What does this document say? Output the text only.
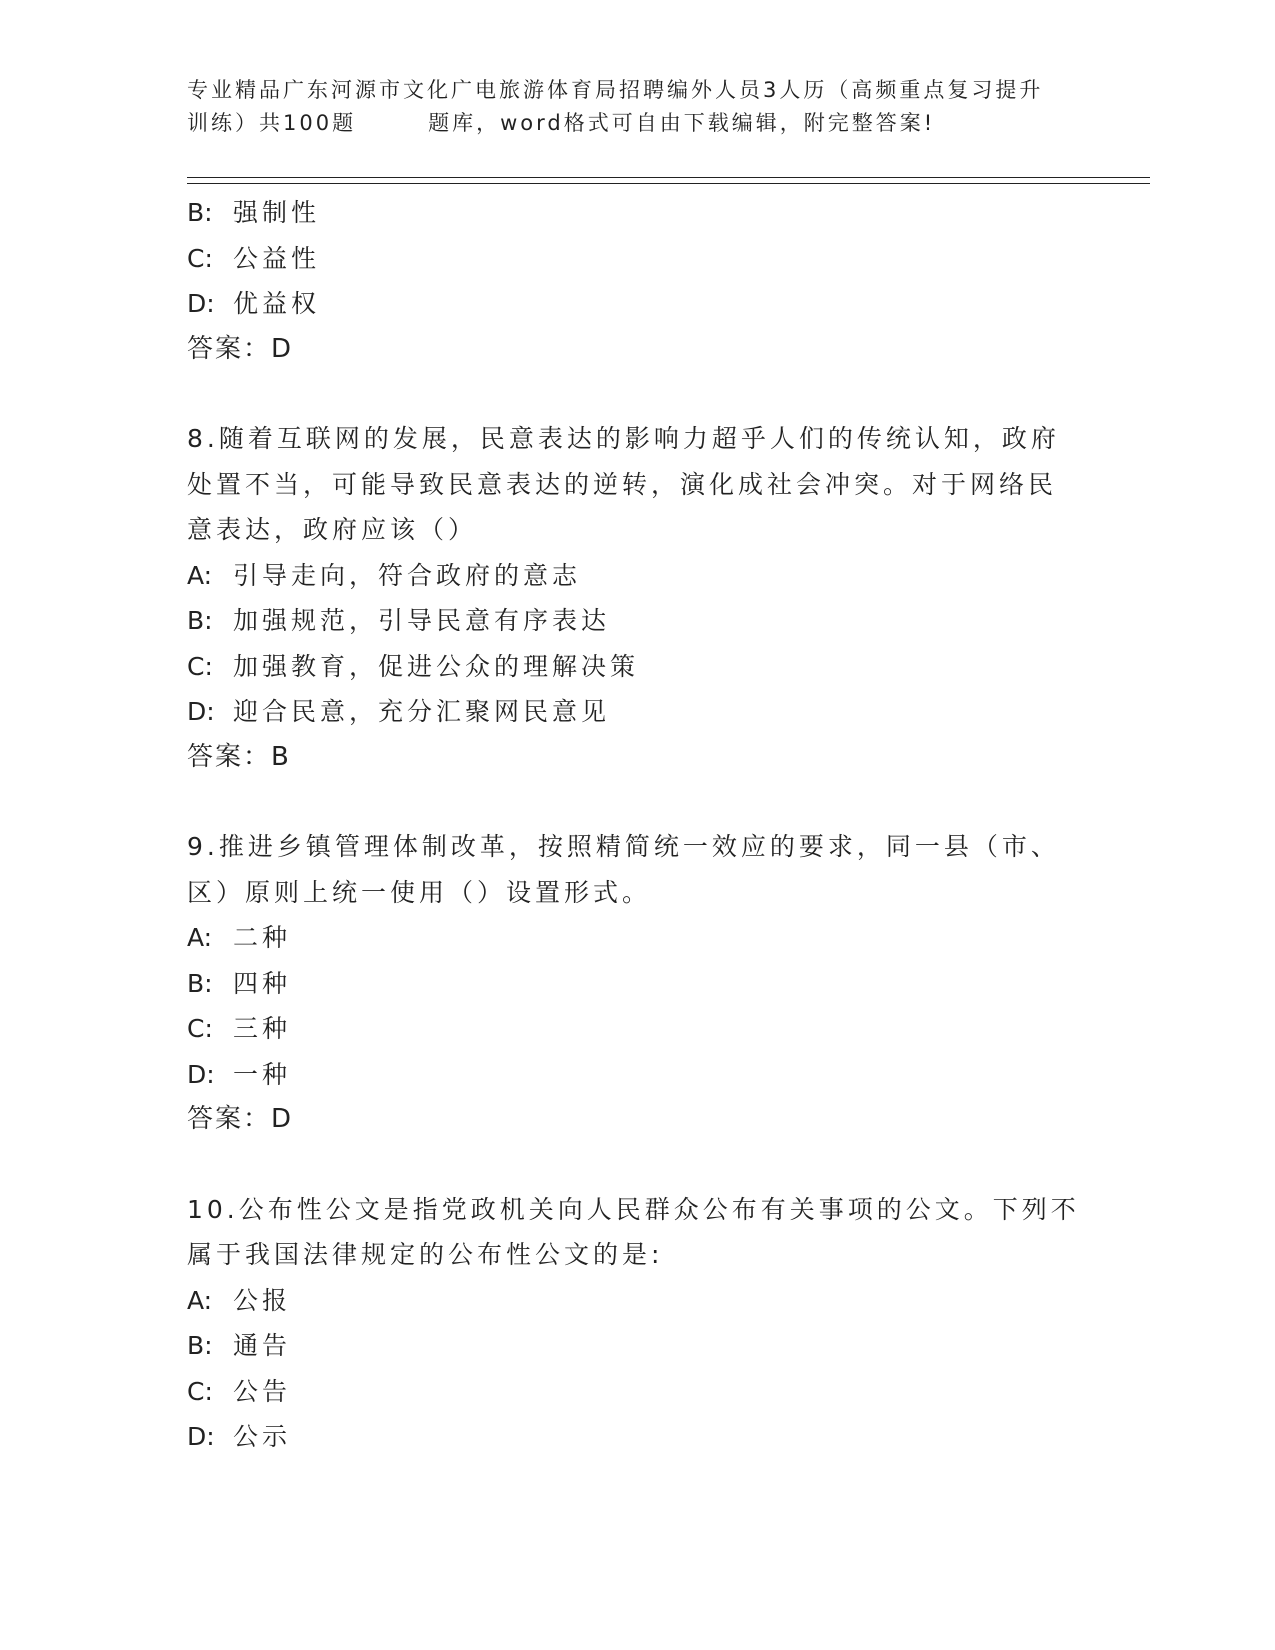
专业精品广东河源市文化广电旅游体育局招聘编外人员3人历（高频重点复习提升
训练）共100题	题库，word格式可自由下载编辑，附完整答案!
B: 强制性
C: 公益性
D: 优益权
答案：D
8.随着互联网的发展，民意表达的影响力超乎人们的传统认知，政府
处置不当，可能导致民意表达的逆转，演化成社会冲突。对于网络民
意表达，政府应该（）
A: 引导走向，符合政府的意志
B: 加强规范，引导民意有序表达
C: 加强教育，促进公众的理解决策
D: 迎合民意，充分汇聚网民意见
答案：B
9.推进乡镇管理体制改革，按照精简统一效应的要求，同一县（市、
区）原则上统一使用（）设置形式。
A: 二种
B: 四种
C: 三种
D: 一种
答案：D
10.公布性公文是指党政机关向人民群众公布有关事项的公文。下列不
属于我国法律规定的公布性公文的是:
A: 公报
B: 通告
C: 公告
D: 公示
